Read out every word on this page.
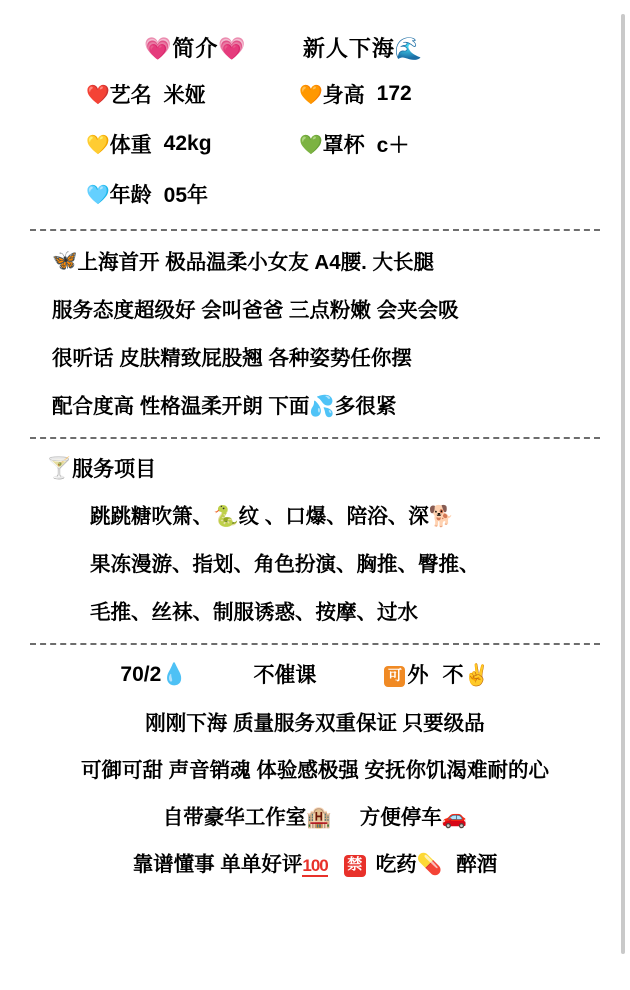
💗简介💗	新人下海🌊
❤️ 艺名 米娅	🧡 身高 172
💛 体重 42kg	💚 罩杯 c＋
🩵 年龄 05年
🦋 上海首开 极品温柔小女友 A4腰. 大长腿
服务态度超级好 会叫爸爸 三点粉嫩 会夹会吸
很听话 皮肤精致屁股翘 各种姿势任你摆
配合度高 性格温柔开朗 下面💦多很紧
🍸 服务项目
跳跳糖吹箫、🐍纹 、口爆、陪浴、深🐕
果冻漫游、指划、角色扮演、胸推、臀推、
毛推、丝袜、制服诱惑、按摩、过水
70/2💧	不催课	可 外 不✌️
刚刚下海 质量服务双重保证 只要级品
可御可甜 声音销魂 体验感极强 安抚你饥渴难耐的心
自带豪华工作室🏨 方便停车🚗
靠谱懂事 单单好评100 禁 吃药💊 醉酒
